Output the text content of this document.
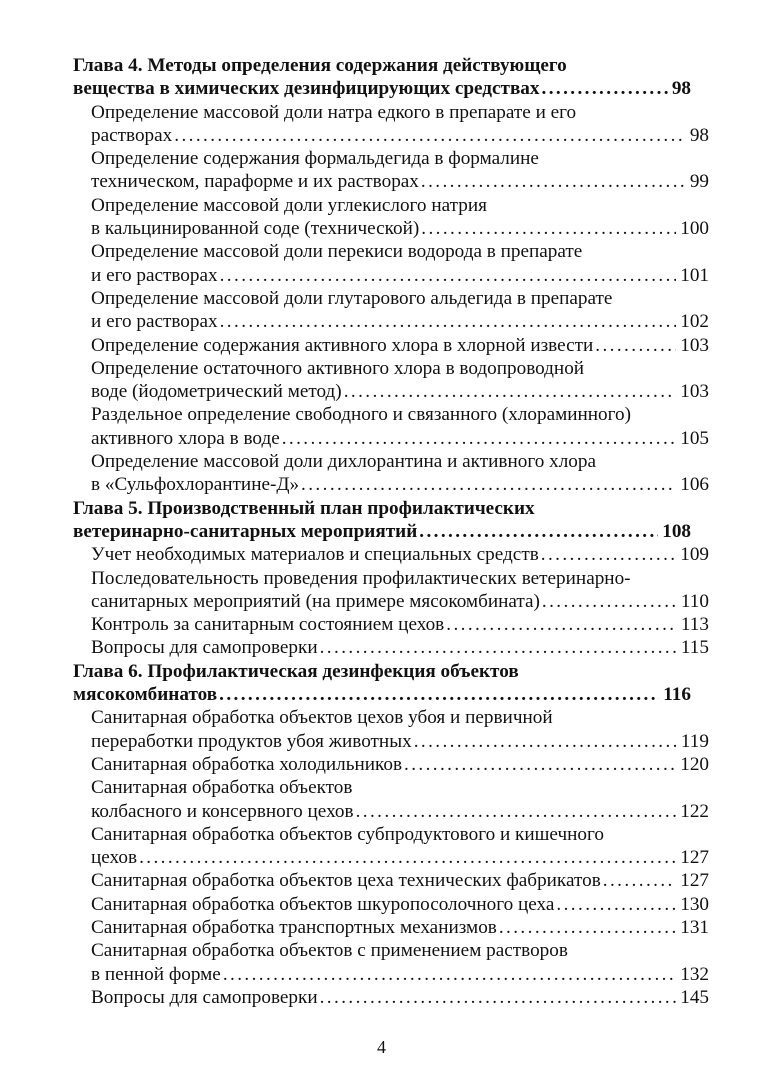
Глава 4. Методы определения содержания действующего
вещества в химических дезинфицирующих средствах . . .	98
Определение массовой доли натра едкого в препарате и его
растворах . . .	98
Определение содержания формальдегида в формалине
техническом, параформе и их растворах . . .	99
Определение массовой доли углекислого натрия
в кальцинированной соде (технической) . . .	100
Определение массовой доли перекиси водорода в препарате
и его растворах . . .	101
Определение массовой доли глутарового альдегида в препарате
и его растворах . . .	102
Определение содержания активного хлора в хлорной извести . . .	103
Определение остаточного активного хлора в водопроводной
воде (йодометрический метод) . . .	103
Раздельное определение свободного и связанного (хлораминного)
активного хлора в воде . . .	105
Определение массовой доли дихлорантина и активного хлора
в «Сульфохлорантине-Д» . . .	106
Глава 5. Производственный план профилактических
ветеринарно-санитарных мероприятий . . .	108
Учет необходимых материалов и специальных средств . . .	109
Последовательность проведения профилактических ветеринарно-
санитарных мероприятий (на примере мясокомбината) . . .	110
Контроль за санитарным состоянием цехов . . .	113
Вопросы для самопроверки . . .	115
Глава 6. Профилактическая дезинфекция объектов
мясокомбинатов . . .	116
Санитарная обработка объектов цехов убоя и первичной
переработки продуктов убоя животных . . .	119
Санитарная обработка холодильников . . .	120
Санитарная обработка объектов
колбасного и консервного цехов . . .	122
Санитарная обработка объектов субпродуктового и кишечного
цехов . . .	127
Санитарная обработка объектов цеха технических фабрикатов . . .	127
Санитарная обработка объектов шкуропосолочного цеха . . .	130
Санитарная обработка транспортных механизмов . . .	131
Санитарная обработка объектов с применением растворов
в пенной форме . . .	132
Вопросы для самопроверки . . .	145
4
